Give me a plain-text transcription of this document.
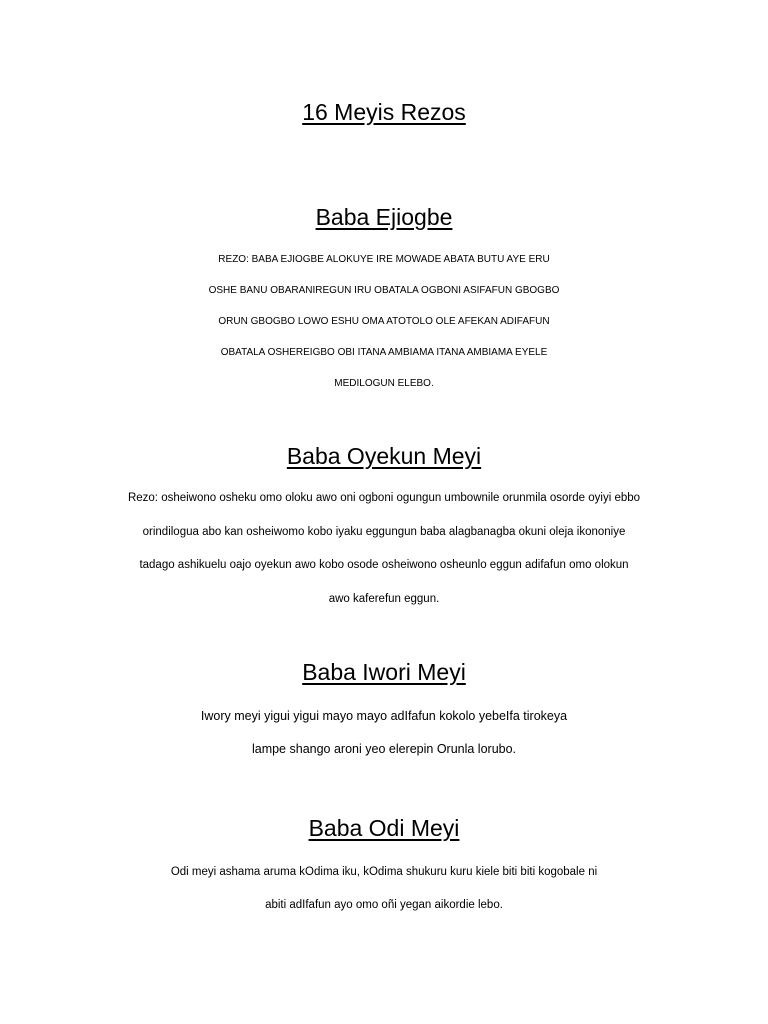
16 Meyis Rezos
Baba Ejiogbe
REZO: BABA EJIOGBE ALOKUYE IRE MOWADE ABATA BUTU AYE ERU
OSHE BANU OBARANIREGUN IRU OBATALA OGBONI ASIFAFUN GBOGBO
ORUN GBOGBO LOWO ESHU OMA ATOTOLO OLE AFEKAN ADIFAFUN
OBATALA OSHEREIGBO OBI ITANA AMBIAMA ITANA AMBIAMA EYELE
MEDILOGUN ELEBO.
Baba Oyekun Meyi
Rezo: osheiwono osheku omo oloku awo oni ogboni ogungun umbownile orunmila osorde oyiyi ebbo
orindilogua abo kan osheiwomo kobo iyaku eggungun baba alagbanagba okuni oleja ikononiye
tadago ashikuelu oajo oyekun awo kobo osode osheiwono osheunlo eggun adifafun omo olokun
awo kaferefun eggun.
Baba Iwori Meyi
Iwory meyi yigui yigui mayo mayo adIfafun kokolo yebeIfa tirokeya
lampe shango aroni yeo elerepin Orunla lorubo.
Baba Odi Meyi
Odi meyi ashama aruma kOdima iku, kOdima shukuru kuru kiele biti biti kogobale ni
abiti adIfafun ayo omo oñi yegan aikordie lebo.
